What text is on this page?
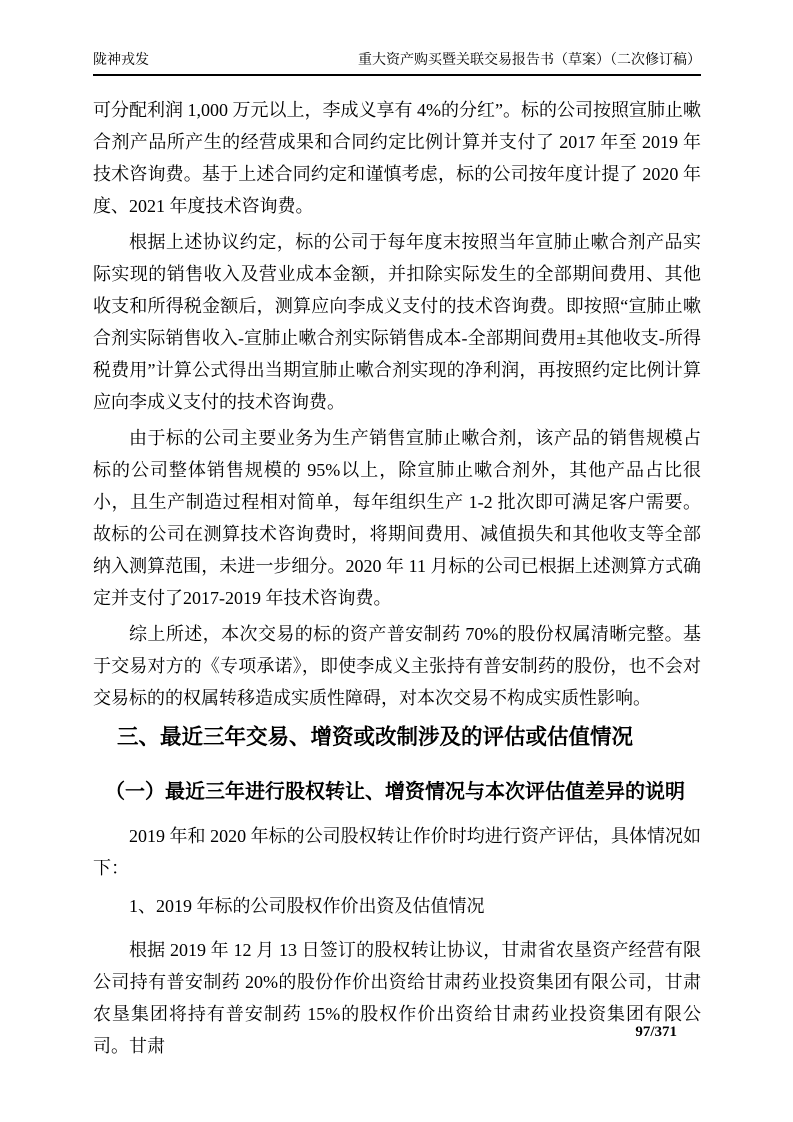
陇神戎发	重大资产购买暨关联交易报告书（草案）（二次修订稿）

可分配利润 1,000 万元以上，李成义享有 4%的分红”。标的公司按照宣肺止嗽合剂产品所产生的经营成果和合同约定比例计算并支付了 2017 年至 2019 年技术咨询费。基于上述合同约定和谨慎考虑，标的公司按年度计提了 2020 年度、2021 年度技术咨询费。

根据上述协议约定，标的公司于每年度末按照当年宣肺止嗽合剂产品实际实现的销售收入及营业成本金额，并扣除实际发生的全部期间费用、其他收支和所得税金额后，测算应向李成义支付的技术咨询费。即按照“宣肺止嗽合剂实际销售收入-宣肺止嗽合剂实际销售成本-全部期间费用±其他收支-所得税费用”计算公式得出当期宣肺止嗽合剂实现的净利润，再按照约定比例计算应向李成义支付的技术咨询费。

由于标的公司主要业务为生产销售宣肺止嗽合剂，该产品的销售规模占标的公司整体销售规模的 95%以上，除宣肺止嗽合剂外，其他产品占比很小，且生产制造过程相对简单，每年组织生产 1-2 批次即可满足客户需要。故标的公司在测算技术咨询费时，将期间费用、减值损失和其他收支等全部纳入测算范围，未进一步细分。2020 年 11 月标的公司已根据上述测算方式确定并支付了2017-2019 年技术咨询费。

综上所述，本次交易的标的资产普安制药 70%的股份权属清晰完整。基于交易对方的《专项承诺》，即使李成义主张持有普安制药的股份，也不会对交易标的的权属转移造成实质性障碍，对本次交易不构成实质性影响。

三、最近三年交易、增资或改制涉及的评估或估值情况
（一）最近三年进行股权转让、增资情况与本次评估值差异的说明

2019 年和 2020 年标的公司股权转让作价时均进行资产评估，具体情况如下：

1、2019 年标的公司股权作价出资及估值情况

根据 2019 年 12 月 13 日签订的股权转让协议，甘肃省农垦资产经营有限公司持有普安制药 20%的股份作价出资给甘肃药业投资集团有限公司，甘肃农垦集团将持有普安制药 15%的股权作价出资给甘肃药业投资集团有限公司。甘肃

97/371
